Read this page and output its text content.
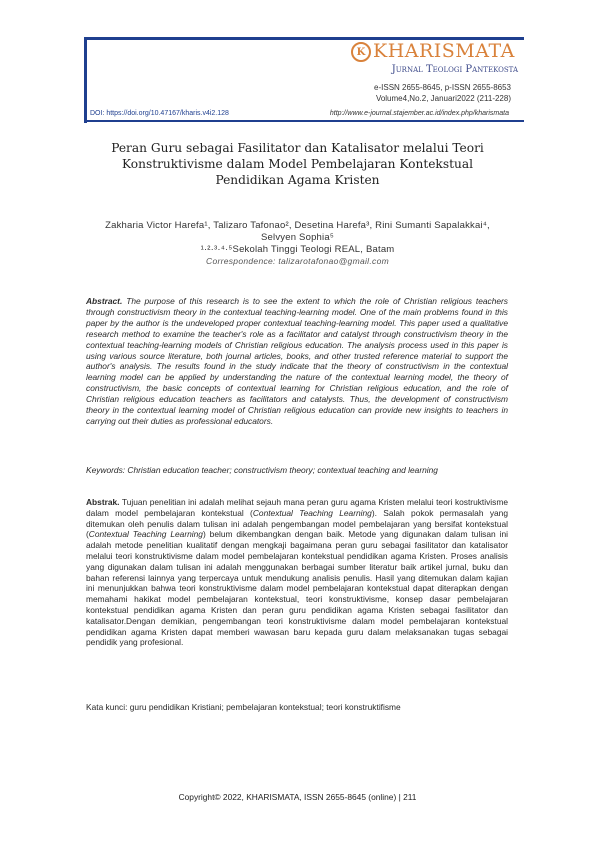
K KHARISMATA
Jurnal Teologi Pantekosta
e-ISSN 2655-8645, p-ISSN 2655-8653
Volume4,No.2, Januari2022 (211-228)
DOI: https://doi.org/10.47167/kharis.v4i2.128	http://www.e-journal.stajember.ac.id/index.php/kharismata
Peran Guru sebagai Fasilitator dan Katalisator melalui Teori Konstruktivisme dalam Model Pembelajaran Kontekstual Pendidikan Agama Kristen
Zakharia Victor Harefa¹, Talizaro Tafonao², Desetina Harefa³, Rini Sumanti Sapalakkai⁴, Selvyen Sophia⁵
¹·²·³·⁴·⁵Sekolah Tinggi Teologi REAL, Batam
Correspondence: talizarotafonao@gmail.com
Abstract. The purpose of this research is to see the extent to which the role of Christian religious teachers through constructivism theory in the contextual teaching-learning model. One of the main problems found in this paper by the author is the undeveloped proper contextual teaching-learning model. This paper used a qualitative research method to examine the teacher's role as a facilitator and catalyst through constructivism theory in the contextual teaching-learning models of Christian religious education. The analysis process used in this paper is using various source literature, both journal articles, books, and other trusted reference material to support the author's analysis. The results found in the study indicate that the theory of constructivism in the contextual learning model can be applied by understanding the nature of the contextual learning model, the theory of constructivism, the basic concepts of contextual learning for Christian religious education, and the role of Christian religious education teachers as facilitators and catalysts. Thus, the development of constructivism theory in the contextual learning model of Christian religious education can provide new insights to teachers in carrying out their duties as professional educators.
Keywords: Christian education teacher; constructivism theory; contextual teaching and learning
Abstrak. Tujuan penelitian ini adalah melihat sejauh mana peran guru agama Kristen melalui teori kostruktivisme dalam model pembelajaran kontekstual (Contextual Teaching Learning). Salah pokok permasalah yang ditemukan oleh penulis dalam tulisan ini adalah pengembangan model pembelajaran yang bersifat kontekstual (Contextual Teaching Learning) belum dikembangkan dengan baik. Metode yang digunakan dalam tulisan ini adalah metode penelitian kualitatif dengan mengkaji bagaimana peran guru sebagai fasilitator dan katalisator melalui teori konstruktivisme dalam model pembelajaran kontekstual pendidikan agama Kristen. Proses analisis yang digunakan dalam tulisan ini adalah menggunakan berbagai sumber literatur baik artikel jurnal, buku dan bahan referensi lainnya yang terpercaya untuk mendukung analisis penulis. Hasil yang ditemukan dalam kajian ini menunjukkan bahwa teori konstruktivisme dalam model pembelajaran kontekstual dapat diterapkan dengan memahami hakikat model pembelajaran kontekstual, teori konstruktivisme, konsep dasar pembelajaran kontekstual pendidikan agama Kristen dan peran guru pendidikan agama Kristen sebagai fasilitator dan katalisator.Dengan demikian, pengembangan teori konstruktivisme dalam model pembelajaran kontekstual pendidikan agama Kristen dapat memberi wawasan baru kepada guru dalam melaksanakan tugas sebagai pendidik yang profesional.
Kata kunci: guru pendidikan Kristiani; pembelajaran kontekstual; teori konstruktifisme
Copyright© 2022, KHARISMATA, ISSN 2655-8645 (online) | 211
